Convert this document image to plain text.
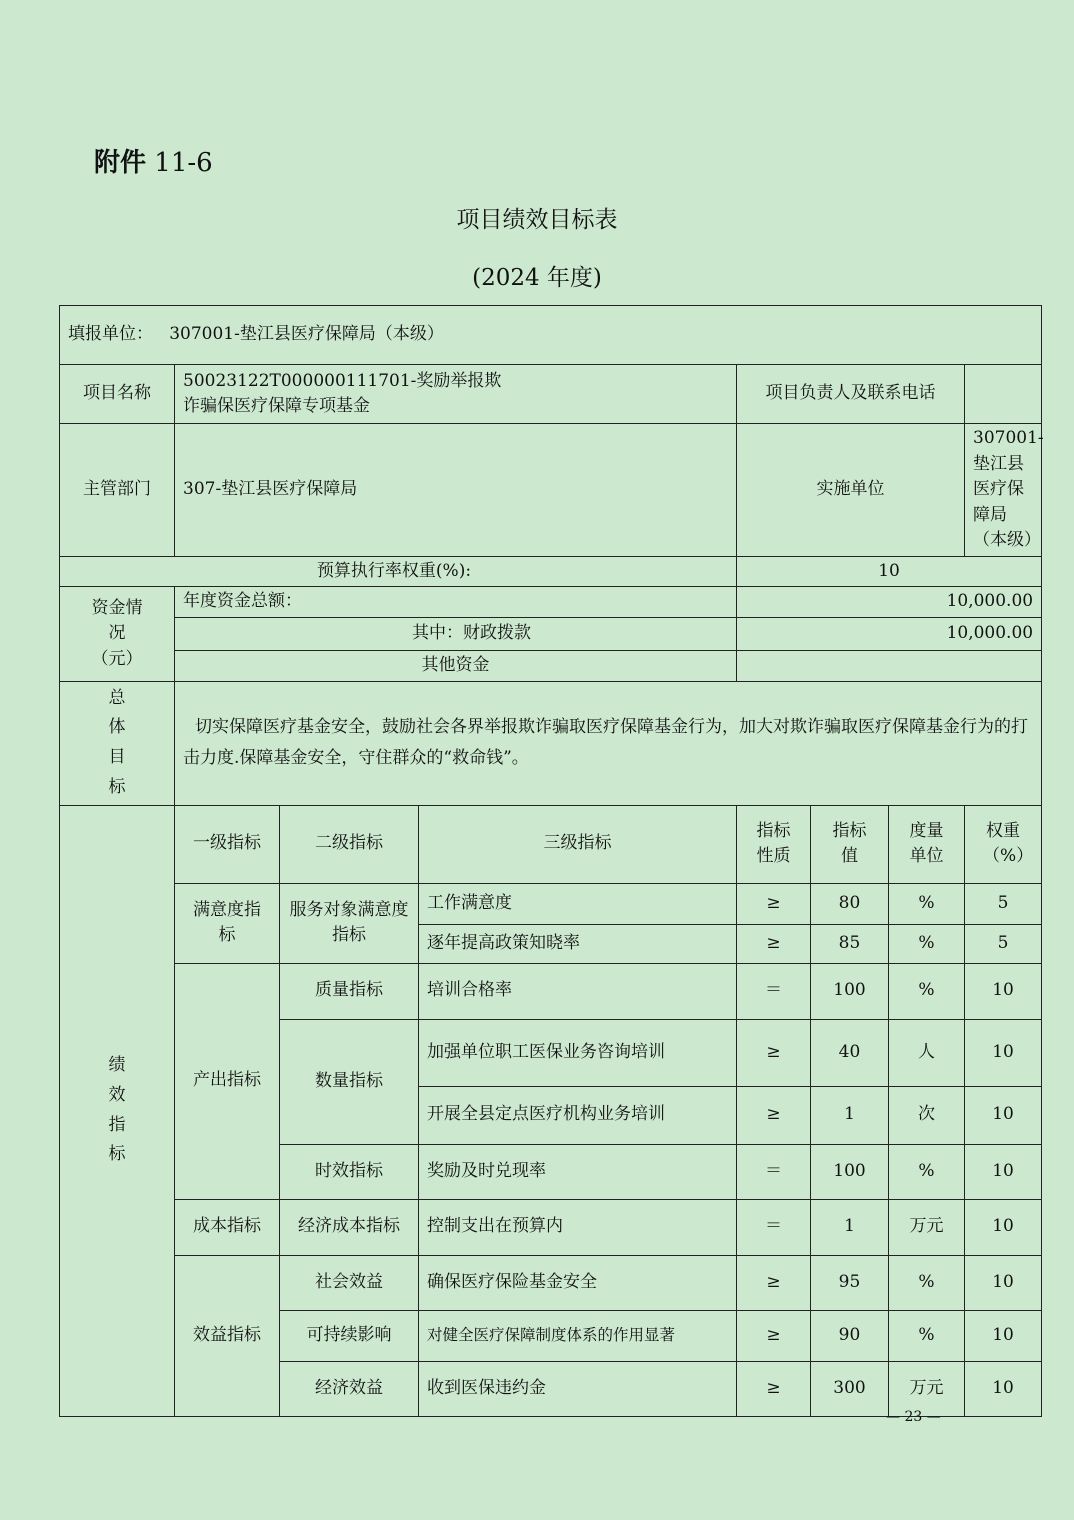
附件 11-6
项目绩效目标表
(2024 年度)
填报单位： 307001-垫江县医疗保障局（本级）							
项目名称	50023122T000000111701-奖励举报欺诈骗保医疗保障专项基金			项目负责人及联系电话			
主管部门	307-垫江县医疗保障局			实施单位			307001-垫江县医疗保障局（本级）

预算执行率权重(%):				10			

资金情况（元）	年度资金总额：			10,000.00			
	其中：财政拨款			10,000.00			
	其他资金						

总体目标	切实保障医疗基金安全，鼓励社会各界举报欺诈骗取医疗保障基金行为，加大对欺诈骗取医疗保障基金行为的打击力度.保障基金安全，守住群众的“救命钱”。						

绩效指标	一级指标	二级指标	三级指标	指标性质	指标值	度量单位	权重（%）

	满意度指标	服务对象满意度指标	工作满意度	≥	80	%	5
			逐年提高政策知晓率	≥	85	%	5
	产出指标	质量指标	培训合格率	＝	100	%	10
		数量指标	加强单位职工医保业务咨询培训	≥	40	人	10
			开展全县定点医疗机构业务培训	≥	1	次	10
		时效指标	奖励及时兑现率	＝	100	%	10
	成本指标	经济成本指标	控制支出在预算内	＝	1	万元	10
	效益指标	社会效益	确保医疗保险基金安全	≥	95	%	10
		可持续影响	对健全医疗保障制度体系的作用显著	≥	90	%	10
		经济效益	收到医保违约金	≥	300	万元	10
— 23 —
